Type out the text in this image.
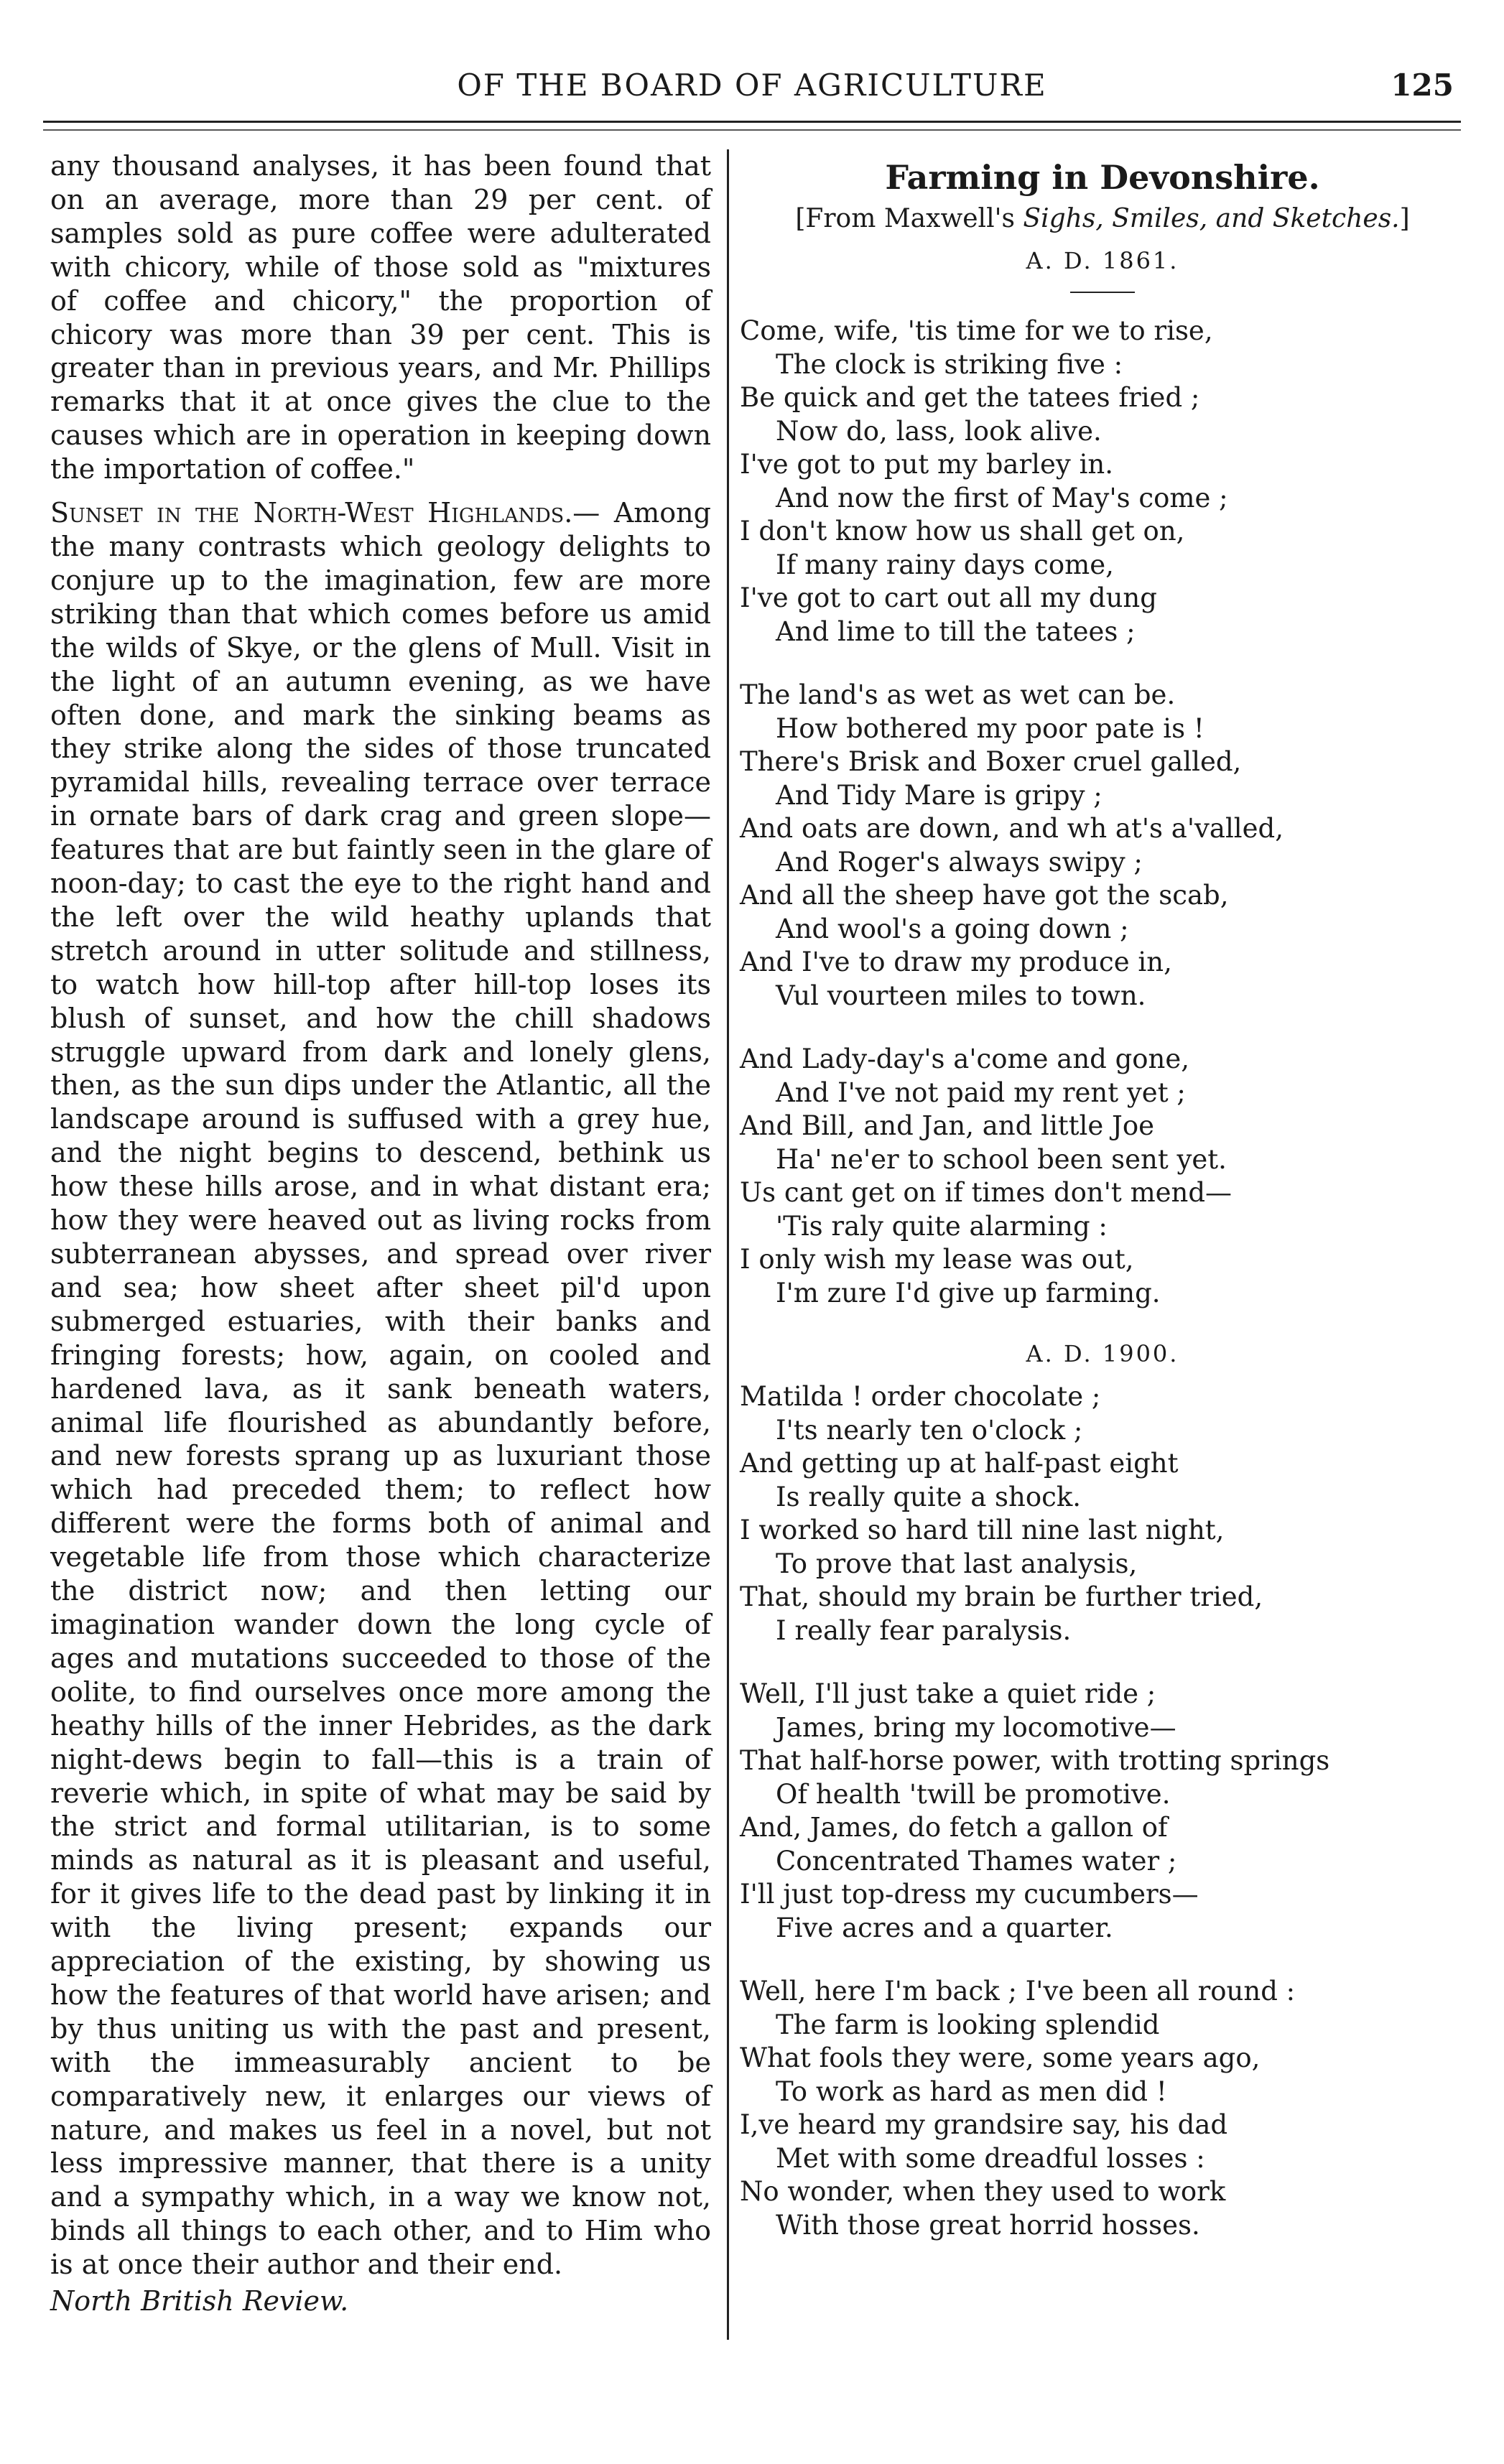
OF THE BOARD OF AGRICULTURE	125

any thousand analyses, it has been found that on an average, more than 29 per cent. of samples sold as pure coffee were adulterated with chicory, while of those sold as "mixtures of coffee and chicory," the proportion of chicory was more than 39 per cent. This is greater than in previous years, and Mr. Phillips remarks that it at once gives the clue to the causes which are in operation in keeping down the importation of coffee."

Sunset in the North-West Highlands.— Among the many contrasts which geology delights to conjure up to the imagination, few are more striking than that which comes before us amid the wilds of Skye, or the glens of Mull. Visit in the light of an autumn evening, as we have often done, and mark the sinking beams as they strike along the sides of those truncated pyramidal hills, revealing terrace over terrace in ornate bars of dark crag and green slope—features that are but faintly seen in the glare of noon-day; to cast the eye to the right hand and the left over the wild heathy uplands that stretch around in utter solitude and stillness, to watch how hill-top after hill-top loses its blush of sunset, and how the chill shadows struggle upward from dark and lonely glens, then, as the sun dips under the Atlantic, all the landscape around is suffused with a grey hue, and the night begins to descend, bethink us how these hills arose, and in what distant era; how they were heaved out as living rocks from subterranean abysses, and spread over river and sea; how sheet after sheet pil'd upon submerged estuaries, with their banks and fringing forests; how, again, on cooled and hardened lava, as it sank beneath waters, animal life flourished as abundantly before, and new forests sprang up as luxuriant those which had preceded them; to reflect how different were the forms both of animal and vegetable life from those which characterize the district now; and then letting our imagination wander down the long cycle of ages and mutations succeeded to those of the oolite, to find ourselves once more among the heathy hills of the inner Hebrides, as the dark night-dews begin to fall—this is a train of reverie which, in spite of what may be said by the strict and formal utilitarian, is to some minds as natural as it is pleasant and useful, for it gives life to the dead past by linking it in with the living present; expands our appreciation of the existing, by showing us how the features of that world have arisen; and by thus uniting us with the past and present, with the immeasurably ancient to be comparatively new, it enlarges our views of nature, and makes us feel in a novel, but not less impressive manner, that there is a unity and a sympathy which, in a way we know not, binds all things to each other, and to Him who is at once their author and their end.

North British Review.

Farming in Devonshire.
[From Maxwell's Sighs, Smiles, and Sketches.]
A. D. 1861.
Come, wife, 'tis time for we to rise,
The clock is striking five :
Be quick and get the tatees fried ;
Now do, lass, look alive.
I've got to put my barley in.
And now the first of May's come ;
I don't know how us shall get on,
If many rainy days come,
I've got to cart out all my dung
And lime to till the tatees ;
The land's as wet as wet can be.
How bothered my poor pate is !
There's Brisk and Boxer cruel galled,
And Tidy Mare is gripy ;
And oats are down, and wh at's a'valled,
And Roger's always swipy ;
And all the sheep have got the scab,
And wool's a going down ;
And I've to draw my produce in,
Vul vourteen miles to town.
And Lady-day's a'come and gone,
And I've not paid my rent yet ;
And Bill, and Jan, and little Joe
Ha' ne'er to school been sent yet.
Us cant get on if times don't mend—
'Tis raly quite alarming :
I only wish my lease was out,
I'm zure I'd give up farming.
A. D. 1900.
Matilda ! order chocolate ;
I'ts nearly ten o'clock ;
And getting up at half-past eight
Is really quite a shock.
I worked so hard till nine last night,
To prove that last analysis,
That, should my brain be further tried,
I really fear paralysis.
Well, I'll just take a quiet ride ;
James, bring my locomotive—
That half-horse power, with trotting springs
Of health 'twill be promotive.
And, James, do fetch a gallon of
Concentrated Thames water ;
I'll just top-dress my cucumbers—
Five acres and a quarter.
Well, here I'm back ; I've been all round :
The farm is looking splendid
What fools they were, some years ago,
To work as hard as men did !
I,ve heard my grandsire say, his dad
Met with some dreadful losses :
No wonder, when they used to work
With those great horrid hosses.
